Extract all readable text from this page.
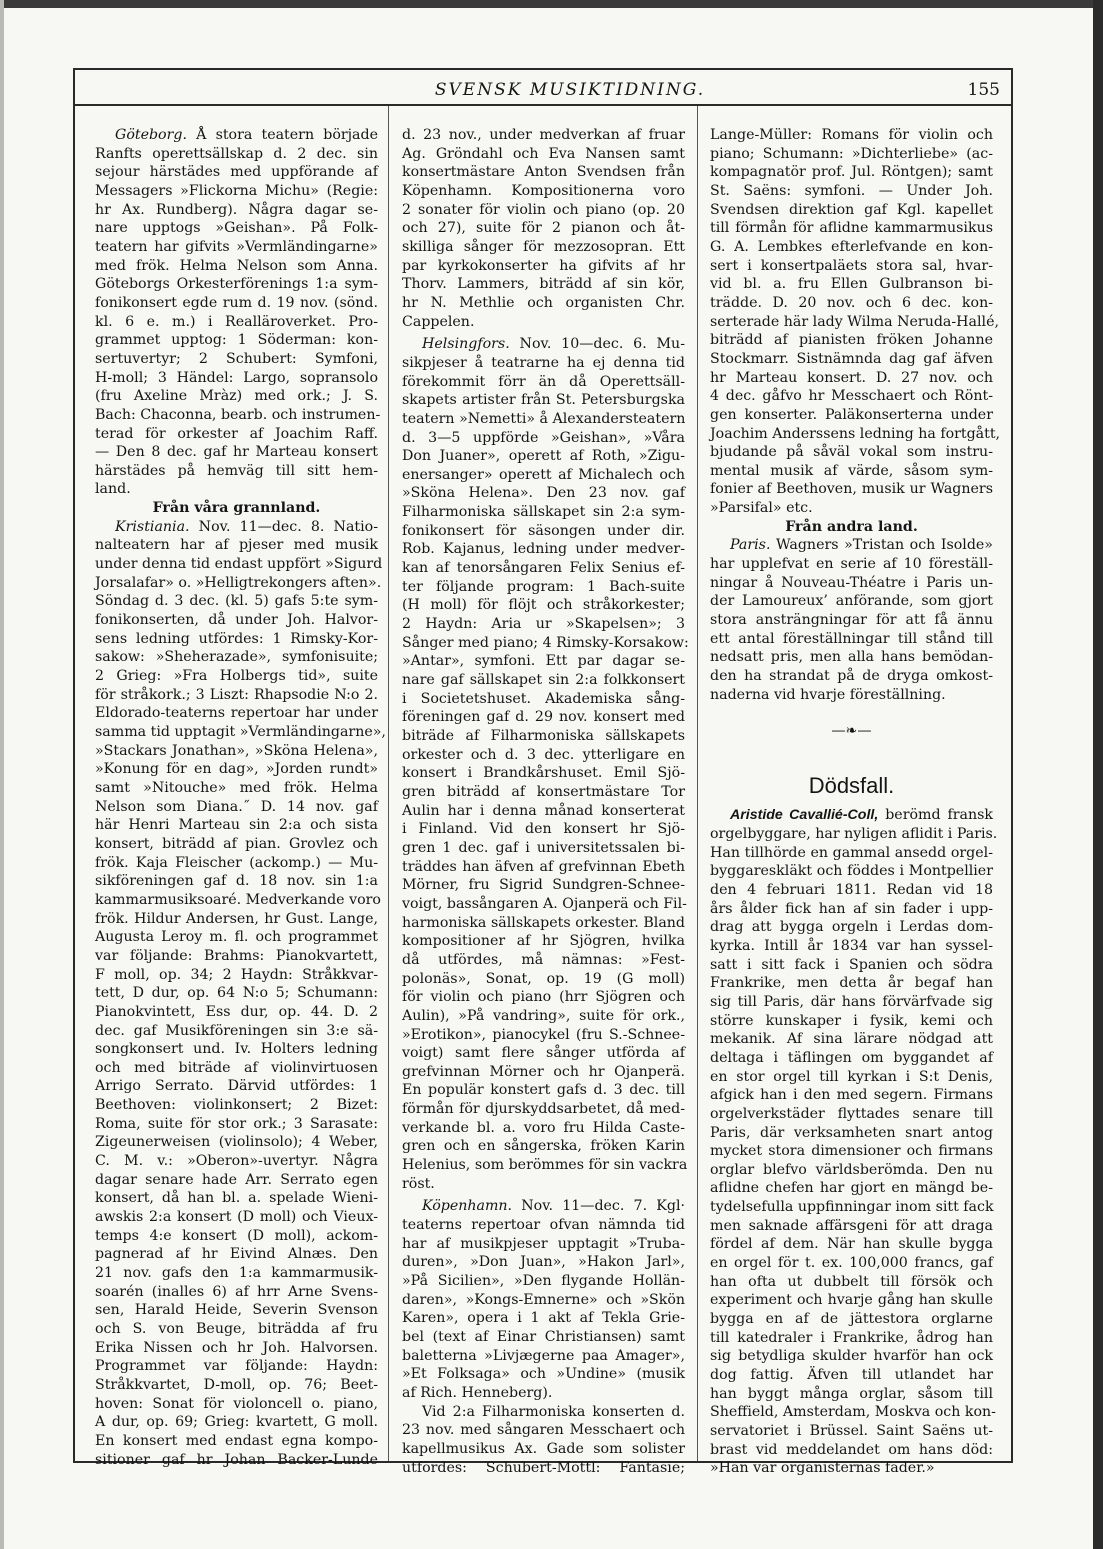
SVENSK MUSIKTIDNING.	155
Göteborg. Å stora teatern började
Ranfts operettsällskap d. 2 dec. sin
sejour härstädes med uppförande af
Messagers »Flickorna Michu» (Regie:
hr Ax. Rundberg). Några dagar se-
nare upptogs »Geishan». På Folk-
teatern har gifvits »Vermländingarne»
med frök. Helma Nelson som Anna.
Göteborgs Orkesterförenings 1:a sym-
fonikonsert egde rum d. 19 nov. (sönd.
kl. 6 e. m.) i Realläroverket. Pro-
grammet upptog: 1 Söderman: kon-
sertuvertyr; 2 Schubert: Symfoni,
H-moll; 3 Händel: Largo, sopransolo
(fru Axeline Mràz) med ork.; J. S.
Bach: Chaconna, bearb. och instrumen-
terad för orkester af Joachim Raff.
— Den 8 dec. gaf hr Marteau konsert
härstädes på hemväg till sitt hem-
land.
Från våra grannland.
Kristiania. Nov. 11—dec. 8. Natio-
nalteatern har af pjeser med musik
under denna tid endast uppfört »Sigurd
Jorsalafar» o. »Helligtrekongers aften».
Söndag d. 3 dec. (kl. 5) gafs 5:te sym-
fonikonserten, då under Joh. Halvor-
sens ledning utfördes: 1 Rimsky-Kor-
sakow: »Sheherazade», symfonisuite;
2 Grieg: »Fra Holbergs tid», suite
för stråkork.; 3 Liszt: Rhapsodie N:o 2.
Eldorado-teaterns repertoar har under
samma tid upptagit »Vermländingarne»,
»Stackars Jonathan», »Sköna Helena»,
»Konung för en dag», »Jorden rundt»
samt »Nitouche» med frök. Helma
Nelson som Diana.˝ D. 14 nov. gaf
här Henri Marteau sin 2:a och sista
konsert, biträdd af pian. Grovlez och
frök. Kaja Fleischer (ackomp.) — Mu-
sikföreningen gaf d. 18 nov. sin 1:a
kammarmusiksoaré. Medverkande voro
frök. Hildur Andersen, hr Gust. Lange,
Augusta Leroy m. fl. och programmet
var följande: Brahms: Pianokvartett,
F moll, op. 34; 2 Haydn: Stråkkvar-
tett, D dur, op. 64 N:o 5; Schumann:
Pianokvintett, Ess dur, op. 44. D. 2
dec. gaf Musikföreningen sin 3:e sä-
songkonsert und. Iv. Holters ledning
och med biträde af violinvirtuosen
Arrigo Serrato. Därvid utfördes: 1
Beethoven: violinkonsert; 2 Bizet:
Roma, suite för stor ork.; 3 Sarasate:
Zigeunerweisen (violinsolo); 4 Weber,
C. M. v.: »Oberon»-uvertyr. Några
dagar senare hade Arr. Serrato egen
konsert, då han bl. a. spelade Wieni-
awskis 2:a konsert (D moll) och Vieux-
temps 4:e konsert (D moll), ackom-
pagnerad af hr Eivind Alnæs. Den
21 nov. gafs den 1:a kammarmusik-
soarén (inalles 6) af hrr Arne Svens-
sen, Harald Heide, Severin Svenson
och S. von Beuge, biträdda af fru
Erika Nissen och hr Joh. Halvorsen.
Programmet var följande: Haydn:
Stråkkvartet, D-moll, op. 76; Beet-
hoven: Sonat för violoncell o. piano,
A dur, op. 69; Grieg: kvartett, G moll.
En konsert med endast egna kompo-
sitioner gaf hr Johan Backer-Lunde
d. 23 nov., under medverkan af fruar
Ag. Gröndahl och Eva Nansen samt
konsertmästare Anton Svendsen från
Köpenhamn. Kompositionerna voro
2 sonater för violin och piano (op. 20
och 27), suite för 2 pianon och åt-
skilliga sånger för mezzosopran. Ett
par kyrkokonserter ha gifvits af hr
Thorv. Lammers, biträdd af sin kör,
hr N. Methlie och organisten Chr.
Cappelen.
Helsingfors. Nov. 10—dec. 6. Mu-
sikpjeser å teatrarne ha ej denna tid
förekommit förr än då Operettsäll-
skapets artister från St. Petersburgska
teatern »Nemetti» å Alexandersteatern
d. 3—5 uppförde »Geishan», »Våra
Don Juaner», operett af Roth, »Zigu-
enersanger» operett af Michalech och
»Sköna Helena». Den 23 nov. gaf
Filharmoniska sällskapet sin 2:a sym-
fonikonsert för säsongen under dir.
Rob. Kajanus, ledning under medver-
kan af tenorsångaren Felix Senius ef-
ter följande program: 1 Bach-suite
(H moll) för flöjt och stråkorkester;
2 Haydn: Aria ur »Skapelsen»; 3
Sånger med piano; 4 Rimsky-Korsakow:
»Antar», symfoni. Ett par dagar se-
nare gaf sällskapet sin 2:a folkkonsert
i Societetshuset. Akademiska sång-
föreningen gaf d. 29 nov. konsert med
biträde af Filharmoniska sällskapets
orkester och d. 3 dec. ytterligare en
konsert i Brandkårshuset. Emil Sjö-
gren biträdd af konsertmästare Tor
Aulin har i denna månad konserterat
i Finland. Vid den konsert hr Sjö-
gren 1 dec. gaf i universitetssalen bi-
träddes han äfven af grefvinnan Ebeth
Mörner, fru Sigrid Sundgren-Schnee-
voigt, bassångaren A. Ojanperä och Fil-
harmoniska sällskapets orkester. Bland
kompositioner af hr Sjögren, hvilka
då utfördes, må nämnas: »Fest-
polonäs», Sonat, op. 19 (G moll)
för violin och piano (hrr Sjögren och
Aulin), »På vandring», suite för ork.,
»Erotikon», pianocykel (fru S.-Schnee-
voigt) samt flere sånger utförda af
grefvinnan Mörner och hr Ojanperä.
En populär konstert gafs d. 3 dec. till
förmån för djurskyddsarbetet, då med-
verkande bl. a. voro fru Hilda Caste-
gren och en sångerska, fröken Karin
Helenius, som berömmes för sin vackra
röst.
Köpenhamn. Nov. 11—dec. 7. Kgl·
teaterns repertoar ofvan nämnda tid
har af musikpjeser upptagit »Truba-
duren», »Don Juan», »Hakon Jarl»,
»På Sicilien», »Den flygande Hollän-
daren», »Kongs-Emnerne» och »Skön
Karen», opera i 1 akt af Tekla Grie-
bel (text af Einar Christiansen) samt
baletterna »Livjægerne paa Amager»,
»Et Folksaga» och »Undine» (musik
af Rich. Henneberg).
Vid 2:a Filharmoniska konserten d.
23 nov. med sångaren Messchaert och
kapellmusikus Ax. Gade som solister
utfördes: Schubert-Mottl: Fantasie;
Lange-Müller: Romans för violin och
piano; Schumann: »Dichterliebe» (ac-
kompagnatör prof. Jul. Röntgen); samt
St. Saëns: symfoni. — Under Joh.
Svendsen direktion gaf Kgl. kapellet
till förmån för aflidne kammarmusikus
G. A. Lembkes efterlefvande en kon-
sert i konsertpaläets stora sal, hvar-
vid bl. a. fru Ellen Gulbranson bi-
trädde. D. 20 nov. och 6 dec. kon-
serterade här lady Wilma Neruda-Hallé,
biträdd af pianisten fröken Johanne
Stockmarr. Sistnämnda dag gaf äfven
hr Marteau konsert. D. 27 nov. och
4 dec. gåfvo hr Messchaert och Rönt-
gen konserter. Paläkonserterna under
Joachim Anderssens ledning ha fortgått,
bjudande på såväl vokal som instru-
mental musik af värde, såsom sym-
fonier af Beethoven, musik ur Wagners
»Parsifal» etc.
Från andra land.
Paris. Wagners »Tristan och Isolde»
har upplefvat en serie af 10 föreställ-
ningar å Nouveau-Théatre i Paris un-
der Lamoureux’ anförande, som gjort
stora ansträngningar för att få ännu
ett antal föreställningar till stånd till
nedsatt pris, men alla hans bemödan-
den ha strandat på de dryga omkost-
naderna vid hvarje föreställning.
—❧—
Dödsfall.
Aristide Cavallié-Coll, berömd fransk
orgelbyggare, har nyligen aflidit i Paris.
Han tillhörde en gammal ansedd orgel-
byggareskläkt och föddes i Montpellier
den 4 februari 1811. Redan vid 18
års ålder fick han af sin fader i upp-
drag att bygga orgeln i Lerdas dom-
kyrka. Intill år 1834 var han syssel-
satt i sitt fack i Spanien och södra
Frankrike, men detta år begaf han
sig till Paris, där hans förvärfvade sig
större kunskaper i fysik, kemi och
mekanik. Af sina lärare nödgad att
deltaga i täflingen om byggandet af
en stor orgel till kyrkan i S:t Denis,
afgick han i den med segern. Firmans
orgelverkstäder flyttades senare till
Paris, där verksamheten snart antog
mycket stora dimensioner och firmans
orglar blefvo världsberömda. Den nu
aflidne chefen har gjort en mängd be-
tydelsefulla uppfinningar inom sitt fack
men saknade affärsgeni för att draga
fördel af dem. När han skulle bygga
en orgel för t. ex. 100,000 francs, gaf
han ofta ut dubbelt till försök och
experiment och hvarje gång han skulle
bygga en af de jättestora orglarne
till katedraler i Frankrike, ådrog han
sig betydliga skulder hvarför han ock
dog fattig. Äfven till utlandet har
han byggt många orglar, såsom till
Sheffield, Amsterdam, Moskva och kon-
servatoriet i Brüssel. Saint Saëns ut-
brast vid meddelandet om hans död:
»Han var organisternas fader.»
